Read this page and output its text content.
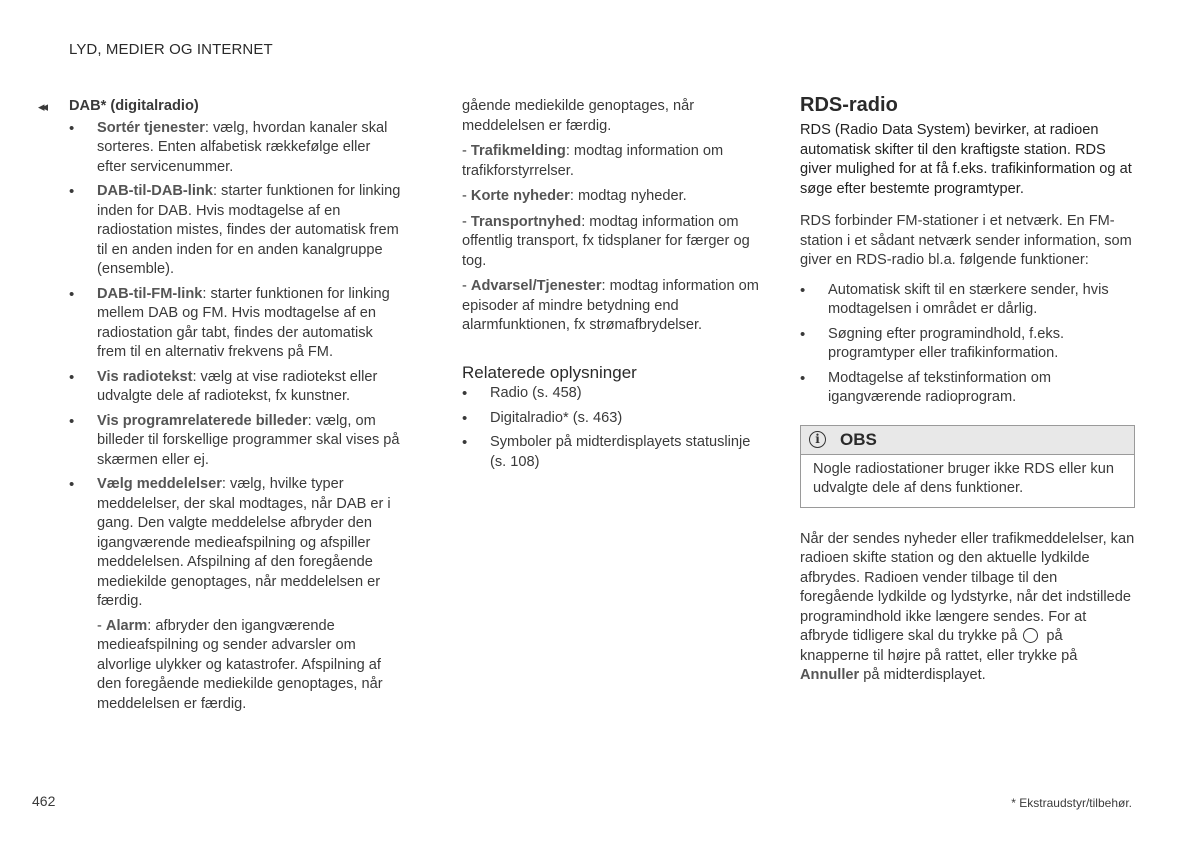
LYD, MEDIER OG INTERNET
◂◂ DAB* (digitalradio)
• Sortér tjenester: vælg, hvordan kanaler skal sorteres. Enten alfabetisk rækkefølge eller efter servicenummer.
• DAB-til-DAB-link: starter funktionen for linking inden for DAB. Hvis modtagelse af en radiostation mistes, findes der automatisk frem til en anden inden for en anden kanalgruppe (ensemble).
• DAB-til-FM-link: starter funktionen for linking mellem DAB og FM. Hvis modtagelse af en radiostation går tabt, findes der automatisk frem til en alternativ frekvens på FM.
• Vis radiotekst: vælg at vise radiotekst eller udvalgte dele af radiotekst, fx kunstner.
• Vis programrelaterede billeder: vælg, om billeder til forskellige programmer skal vises på skærmen eller ej.
• Vælg meddelelser: vælg, hvilke typer meddelelser, der skal modtages, når DAB er i gang. Den valgte meddelelse afbryder den igangværende medieafspilning og afspiller meddelelsen. Afspilning af den foregående mediekilde genoptages, når meddelelsen er færdig.
- Alarm: afbryder den igangværende medieafspilning og sender advarsler om alvorlige ulykker og katastrofer. Afspilning af den foregående mediekilde genoptages, når meddelelsen er færdig.

gående mediekilde genoptages, når meddelelsen er færdig.

- Trafikmelding: modtag information om trafikforstyrrelser.

- Korte nyheder: modtag nyheder.

- Transportnyhed: modtag information om offentlig transport, fx tidsplaner for færger og tog.

- Advarsel/Tjenester: modtag information om episoder af mindre betydning end alarmfunktionen, fx strømafbrydelser.

Relaterede oplysninger
• Radio (s. 458)
• Digitalradio* (s. 463)
• Symboler på midterdisplayets statuslinje (s. 108)
RDS-radio

RDS (Radio Data System) bevirker, at radioen automatisk skifter til den kraftigste station. RDS giver mulighed for at få f.eks. trafikinformation og at søge efter bestemte programtyper.

RDS forbinder FM-stationer i et netværk. En FM-station i et sådant netværk sender information, som giver en RDS-radio bl.a. følgende funktioner:

• Automatisk skift til en stærkere sender, hvis modtagelsen i området er dårlig.
• Søgning efter programindhold, f.eks. programtyper eller trafikinformation.
• Modtagelse af tekstinformation om igangværende radioprogram.
i	OBS
Nogle radiostationer bruger ikke RDS eller kun udvalgte dele af dens funktioner.

Når der sendes nyheder eller trafikmeddelelser, kan radioen skifte station og den aktuelle lydkilde afbrydes. Radioen vender tilbage til den foregående lydkilde og lydstyrke, når det indstillede programindhold ikke længere sendes. For at afbryde tidligere skal du trykke på på knapperne til højre på rattet, eller trykke på Annuller på midterdisplayet.

462	* Ekstraudstyr/tilbehør.
